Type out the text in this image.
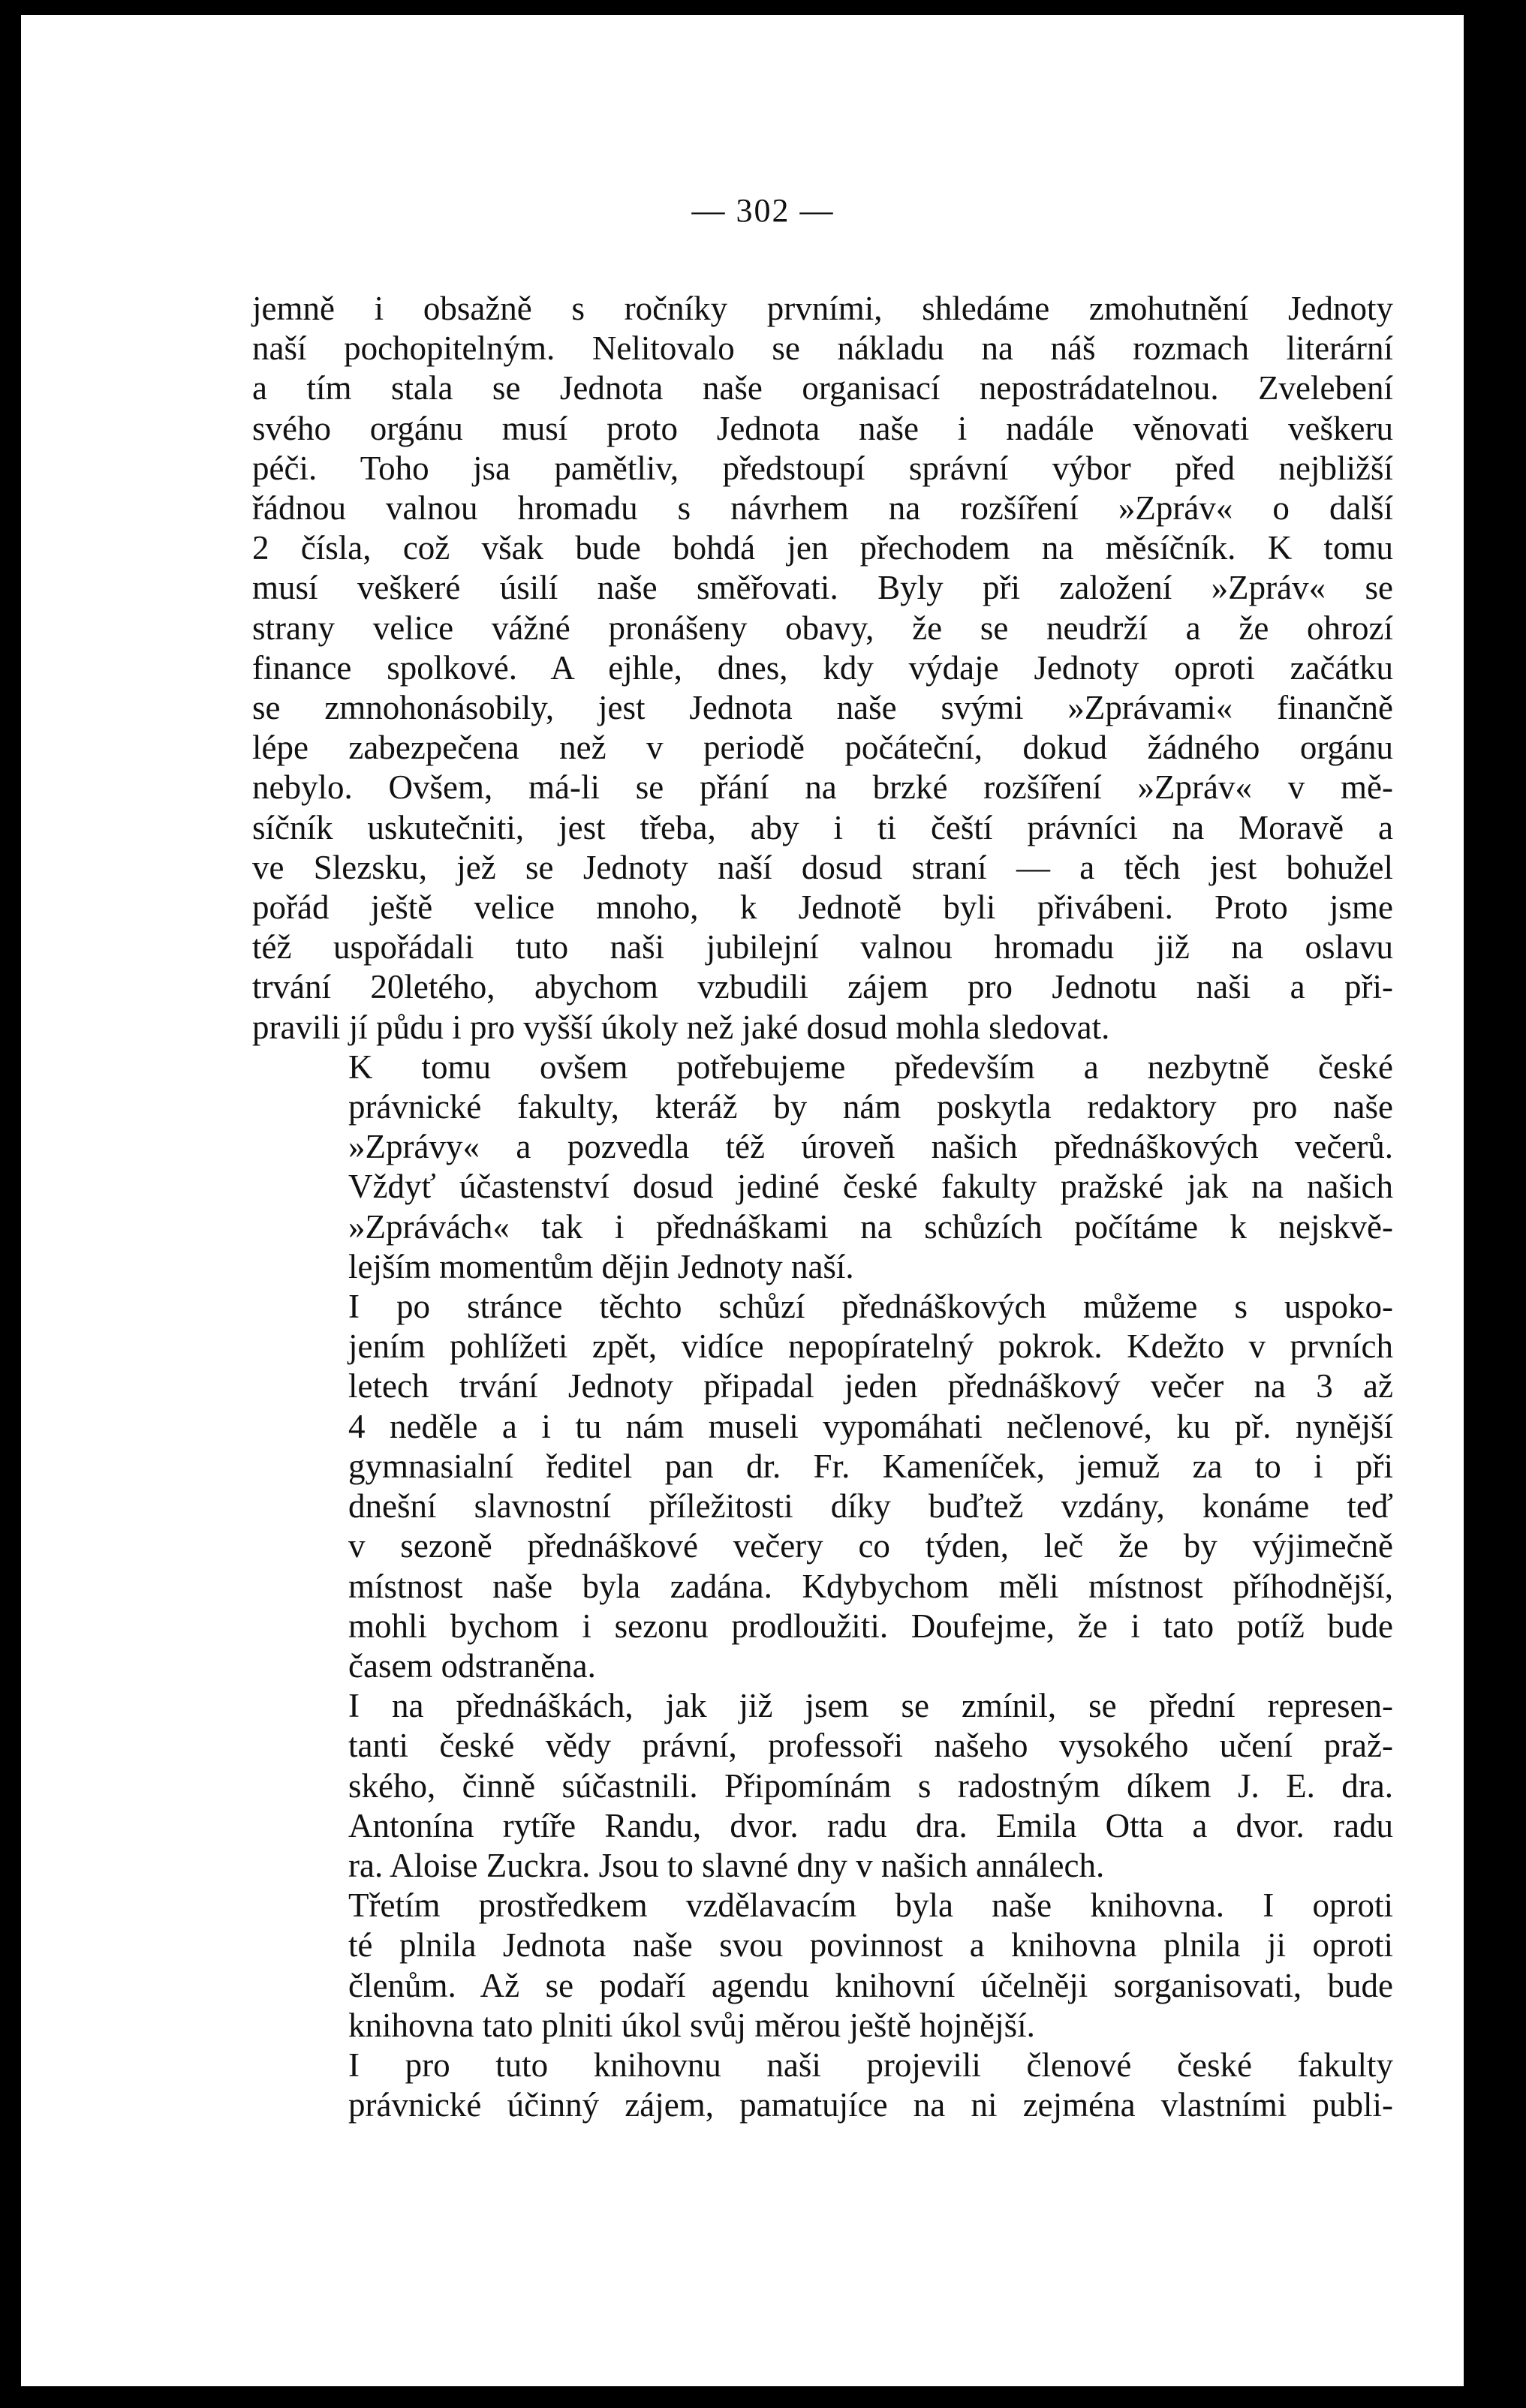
— 302 —

jemně i obsažně s ročníky prvními, shledáme zmohutnění Jednoty
naší pochopitelným. Nelitovalo se nákladu na náš rozmach literární
a tím stala se Jednota naše organisací nepostrádatelnou. Zvelebení
svého orgánu musí proto Jednota naše i nadále věnovati veškeru
péči. Toho jsa pamětliv, předstoupí správní výbor před nejbližší
řádnou valnou hromadu s návrhem na rozšíření »Zpráv« o další
2 čísla, což však bude bohdá jen přechodem na měsíčník. K tomu
musí veškeré úsilí naše směřovati. Byly při založení »Zpráv« se
strany velice vážné pronášeny obavy, že se neudrží a že ohrozí
finance spolkové. A ejhle, dnes, kdy výdaje Jednoty oproti začátku
se zmnohonásobily, jest Jednota naše svými »Zprávami« finančně
lépe zabezpečena než v periodě počáteční, dokud žádného orgánu
nebylo. Ovšem, má-li se přání na brzké rozšíření »Zpráv« v mě-
síčník uskutečniti, jest třeba, aby i ti čeští právníci na Moravě a
ve Slezsku, jež se Jednoty naší dosud straní — a těch jest bohužel
pořád ještě velice mnoho, k Jednotě byli přivábeni. Proto jsme
též uspořádali tuto naši jubilejní valnou hromadu již na oslavu
trvání 20letého, abychom vzbudili zájem pro Jednotu naši a při-
pravili jí půdu i pro vyšší úkoly než jaké dosud mohla sledovat.

K tomu ovšem potřebujeme především a nezbytně české
právnické fakulty, kteráž by nám poskytla redaktory pro naše
»Zprávy« a pozvedla též úroveň našich přednáškových večerů.
Vždyť účastenství dosud jediné české fakulty pražské jak na našich
»Zprávách« tak i přednáškami na schůzích počítáme k nejskvě-
lejším momentům dějin Jednoty naší.

I po stránce těchto schůzí přednáškových můžeme s uspoko-
jením pohlížeti zpět, vidíce nepopíratelný pokrok. Kdežto v prvních
letech trvání Jednoty připadal jeden přednáškový večer na 3 až
4 neděle a i tu nám museli vypomáhati nečlenové, ku př. nynější
gymnasialní ředitel pan dr. Fr. Kameníček, jemuž za to i při
dnešní slavnostní příležitosti díky buďtež vzdány, konáme teď
v sezoně přednáškové večery co týden, leč že by výjimečně
místnost naše byla zadána. Kdybychom měli místnost příhodnější,
mohli bychom i sezonu prodloužiti. Doufejme, že i tato potíž bude
časem odstraněna.

I na přednáškách, jak již jsem se zmínil, se přední represen-
tanti české vědy právní, professoři našeho vysokého učení praž-
ského, činně súčastnili. Připomínám s radostným díkem J. E. dra.
Antonína rytíře Randu, dvor. radu dra. Emila Otta a dvor. radu
ra. Aloise Zuckra. Jsou to slavné dny v našich annálech.

Třetím prostředkem vzdělavacím byla naše knihovna. I oproti
té plnila Jednota naše svou povinnost a knihovna plnila ji oproti
členům. Až se podaří agendu knihovní účelněji sorganisovati, bude
knihovna tato plniti úkol svůj měrou ještě hojnější.

I pro tuto knihovnu naši projevili členové české fakulty
právnické účinný zájem, pamatujíce na ni zejména vlastními publi-
